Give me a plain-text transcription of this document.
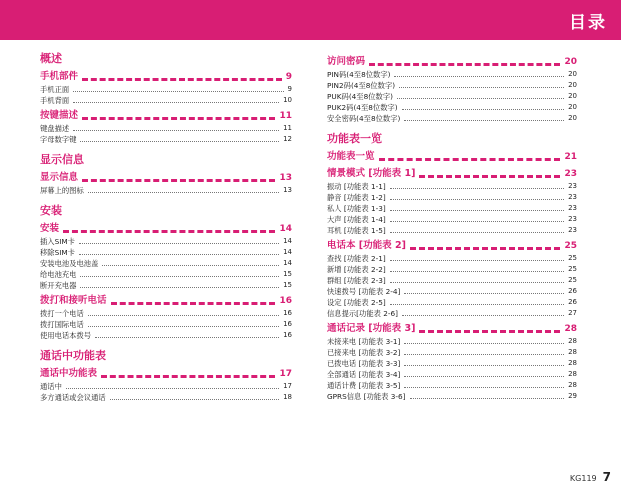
目录
概述
手机部件	9
手机正面	9
手机背面	10
按键描述	11
键盘描述	11
字母数字键	12
显示信息
显示信息	13
屏幕上的图标	13
安装
安装	14
插入SIM卡	14
移除SIM卡	14
安装电池及电池盖	14
给电池充电	15
断开充电器	15
拨打和接听电话	16
拨打一个电话	16
拨打国际电话	16
使用电话本拨号	16
通话中功能表
通话中功能表	17
通话中	17
多方通话或会议通话	18
访问密码	20
PIN码(4至8位数字)	20
PIN2码(4至8位数字)	20
PUK码(4至8位数字)	20
PUK2码(4至8位数字)	20
安全密码(4至8位数字)	20
功能表一览
功能表一览	21
情景模式 [功能表 1]	23
振动 [功能表 1-1]	23
静音 [功能表 1-2]	23
私人 [功能表 1-3]	23
大声 [功能表 1-4]	23
耳机 [功能表 1-5]	23
电话本 [功能表 2]	25
查找 [功能表 2-1]	25
新增 [功能表 2-2]	25
群组 [功能表 2-3]	25
快速拨号 [功能表 2-4]	26
设定 [功能表 2-5]	26
信息提示[功能表 2-6]	27
通话记录 [功能表 3]	28
未接来电 [功能表 3-1]	28
已接来电 [功能表 3-2]	28
已拨电话 [功能表 3-3]	28
全部通话 [功能表 3-4]	28
通话计费 [功能表 3-5]	28
GPRS信息 [功能表 3-6]	29
KG119 7
